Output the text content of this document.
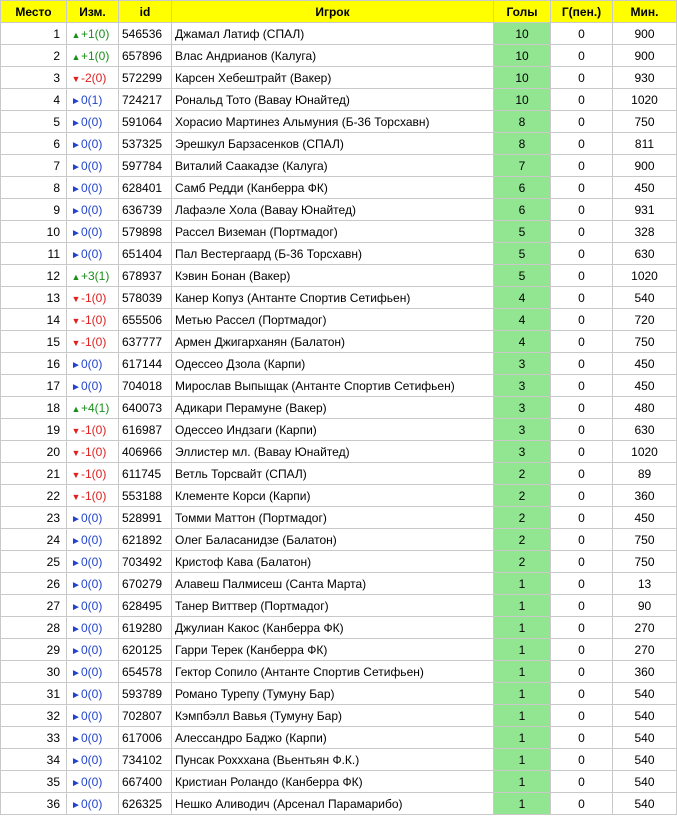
Место	Изм.	id	Игрок	Голы	Г(пен.)	Мин.
1	▲+1(0)	546536	Джамал Латиф (СПАЛ)	10	0	900
2	▲+1(0)	657896	Влас Андрианов (Калуга)	10	0	900
3	▼-2(0)	572299	Карсен Хебештрайт (Вакер)	10	0	930
4	►0(1)	724217	Рональд Тото (Вавау Юнайтед)	10	0	1020
5	►0(0)	591064	Хорасио Мартинез Альмуния (Б-36 Торсхавн)	8	0	750
6	►0(0)	537325	Эрешкул Барзасенков (СПАЛ)	8	0	811
7	►0(0)	597784	Виталий Саакадзе (Калуга)	7	0	900
8	►0(0)	628401	Самб Редди (Канберра ФК)	6	0	450
9	►0(0)	636739	Лафаэле Хола (Вавау Юнайтед)	6	0	931
10	►0(0)	579898	Рассел Виземан (Портмадог)	5	0	328
11	►0(0)	651404	Пал Вестергаард (Б-36 Торсхавн)	5	0	630
12	▲+3(1)	678937	Кэвин Бонан (Вакер)	5	0	1020
13	▼-1(0)	578039	Канер Копуз (Антанте Спортив Сетифьен)	4	0	540
14	▼-1(0)	655506	Метью Рассел (Портмадог)	4	0	720
15	▼-1(0)	637777	Армен Джигарханян (Балатон)	4	0	750
16	►0(0)	617144	Одессео Дзола (Карпи)	3	0	450
17	►0(0)	704018	Мирослав Выпыщак (Антанте Спортив Сетифьен)	3	0	450
18	▲+4(1)	640073	Адикари Перамуне (Вакер)	3	0	480
19	▼-1(0)	616987	Одессео Индзаги (Карпи)	3	0	630
20	▼-1(0)	406966	Эллистер мл. (Вавау Юнайтед)	3	0	1020
21	▼-1(0)	611745	Ветль Торсвайт (СПАЛ)	2	0	89
22	▼-1(0)	553188	Клементе Корси (Карпи)	2	0	360
23	►0(0)	528991	Томми Маттон (Портмадог)	2	0	450
24	►0(0)	621892	Олег Баласанидзе (Балатон)	2	0	750
25	►0(0)	703492	Кристоф Кава (Балатон)	2	0	750
26	►0(0)	670279	Алавеш Палмисеш (Санта Марта)	1	0	13
27	►0(0)	628495	Танер Виттвер (Портмадог)	1	0	90
28	►0(0)	619280	Джулиан Какос (Канберра ФК)	1	0	270
29	►0(0)	620125	Гарри Терек (Канберра ФК)	1	0	270
30	►0(0)	654578	Гектор Сопило (Антанте Спортив Сетифьен)	1	0	360
31	►0(0)	593789	Романо Турепу (Тумуну Бар)	1	0	540
32	►0(0)	702807	Кэмпбэлл Вавья (Тумуну Бар)	1	0	540
33	►0(0)	617006	Алессандро Баджо (Карпи)	1	0	540
34	►0(0)	734102	Пунсак Рохххана (Вьентьян Ф.К.)	1	0	540
35	►0(0)	667400	Кристиан Роландо (Канберра ФК)	1	0	540
36	►0(0)	626325	Нешко Аливодич (Арсенал Парамарибо)	1	0	540
